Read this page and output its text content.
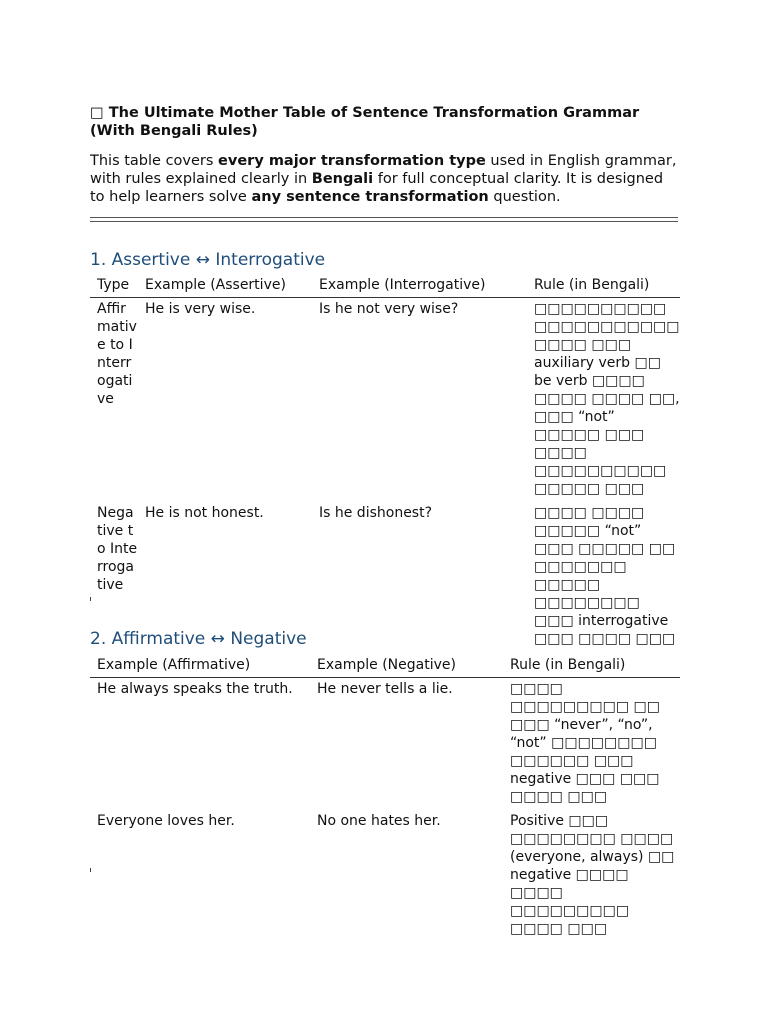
□ The Ultimate Mother Table of Sentence Transformation Grammar
(With Bengali Rules)

This table covers every major transformation type used in English grammar, with rules explained clearly in Bengali for full conceptual clarity. It is designed to help learners solve any sentence transformation question.

1. Assertive ↔ Interrogative
Type	Example (Assertive)	Example (Interrogative)	Rule (in Bengali)
Affirmative to Interrogative	He is very wise.	Is he not very wise?	□□□□□□□□□□ □□□□□□□□□□□ □□□□ □□□ auxiliary verb □□ be verb □□□□ □□□□ □□□□ □□, □□□ “not” □□□□□ □□□ □□□□ □□□□□□□□□□ □□□□□ □□□
Negative to Interrogative	He is not honest.	Is he dishonest?	□□□□ □□□□ □□□□□ “not” □□□ □□□□□ □□ □□□□□□□ □□□□□ □□□□□□□□ □□□ interrogative □□□ □□□□ □□□
2. Affirmative ↔ Negative
Example (Affirmative)	Example (Negative)	Rule (in Bengali)
He always speaks the truth.	He never tells a lie.	□□□□ □□□□□□□□□ □□ □□□ “never”, “no”, “not” □□□□□□□□ □□□□□□ □□□ negative □□□ □□□ □□□□ □□□
Everyone loves her.	No one hates her.	Positive □□□ □□□□□□□□ □□□□ (everyone, always) □□ negative □□□□ □□□□ □□□□□□□□□ □□□□ □□□
